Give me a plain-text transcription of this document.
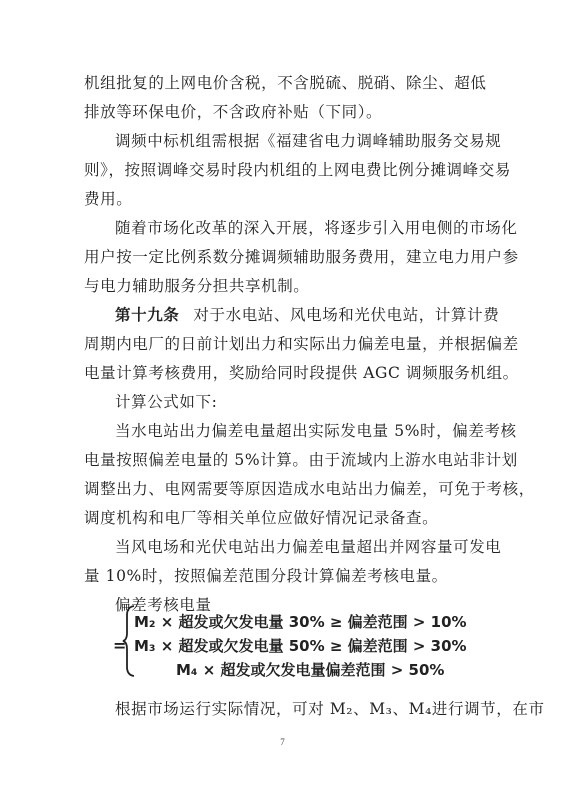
机组批复的上网电价含税，不含脱硫、脱硝、除尘、超低
排放等环保电价，不含政府补贴（下同）。
调频中标机组需根据《福建省电力调峰辅助服务交易规
则》，按照调峰交易时段内机组的上网电费比例分摊调峰交易
费用。
随着市场化改革的深入开展，将逐步引入用电侧的市场化
用户按一定比例系数分摊调频辅助服务费用，建立电力用户参
与电力辅助服务分担共享机制。
第十九条 对于水电站、风电场和光伏电站，计算计费
周期内电厂的日前计划出力和实际出力偏差电量，并根据偏差
电量计算考核费用，奖励给同时段提供 AGC 调频服务机组。
计算公式如下:
当水电站出力偏差电量超出实际发电量 5%时，偏差考核
电量按照偏差电量的 5%计算。由于流域内上游水电站非计划
调整出力、电网需要等原因造成水电站出力偏差，可免于考核，
调度机构和电厂等相关单位应做好情况记录备查。
当风电场和光伏电站出力偏差电量超出并网容量可发电
量 10%时，按照偏差范围分段计算偏差考核电量。
偏差考核电量
=
M₂ × 超发或欠发电量 30% ≥ 偏差范围 > 10%
M₃ × 超发或欠发电量 50% ≥ 偏差范围 > 30%
M₄ × 超发或欠发电量偏差范围 > 50%
根据市场运行实际情况，可对 M₂、M₃、M₄进行调节，在市
7
